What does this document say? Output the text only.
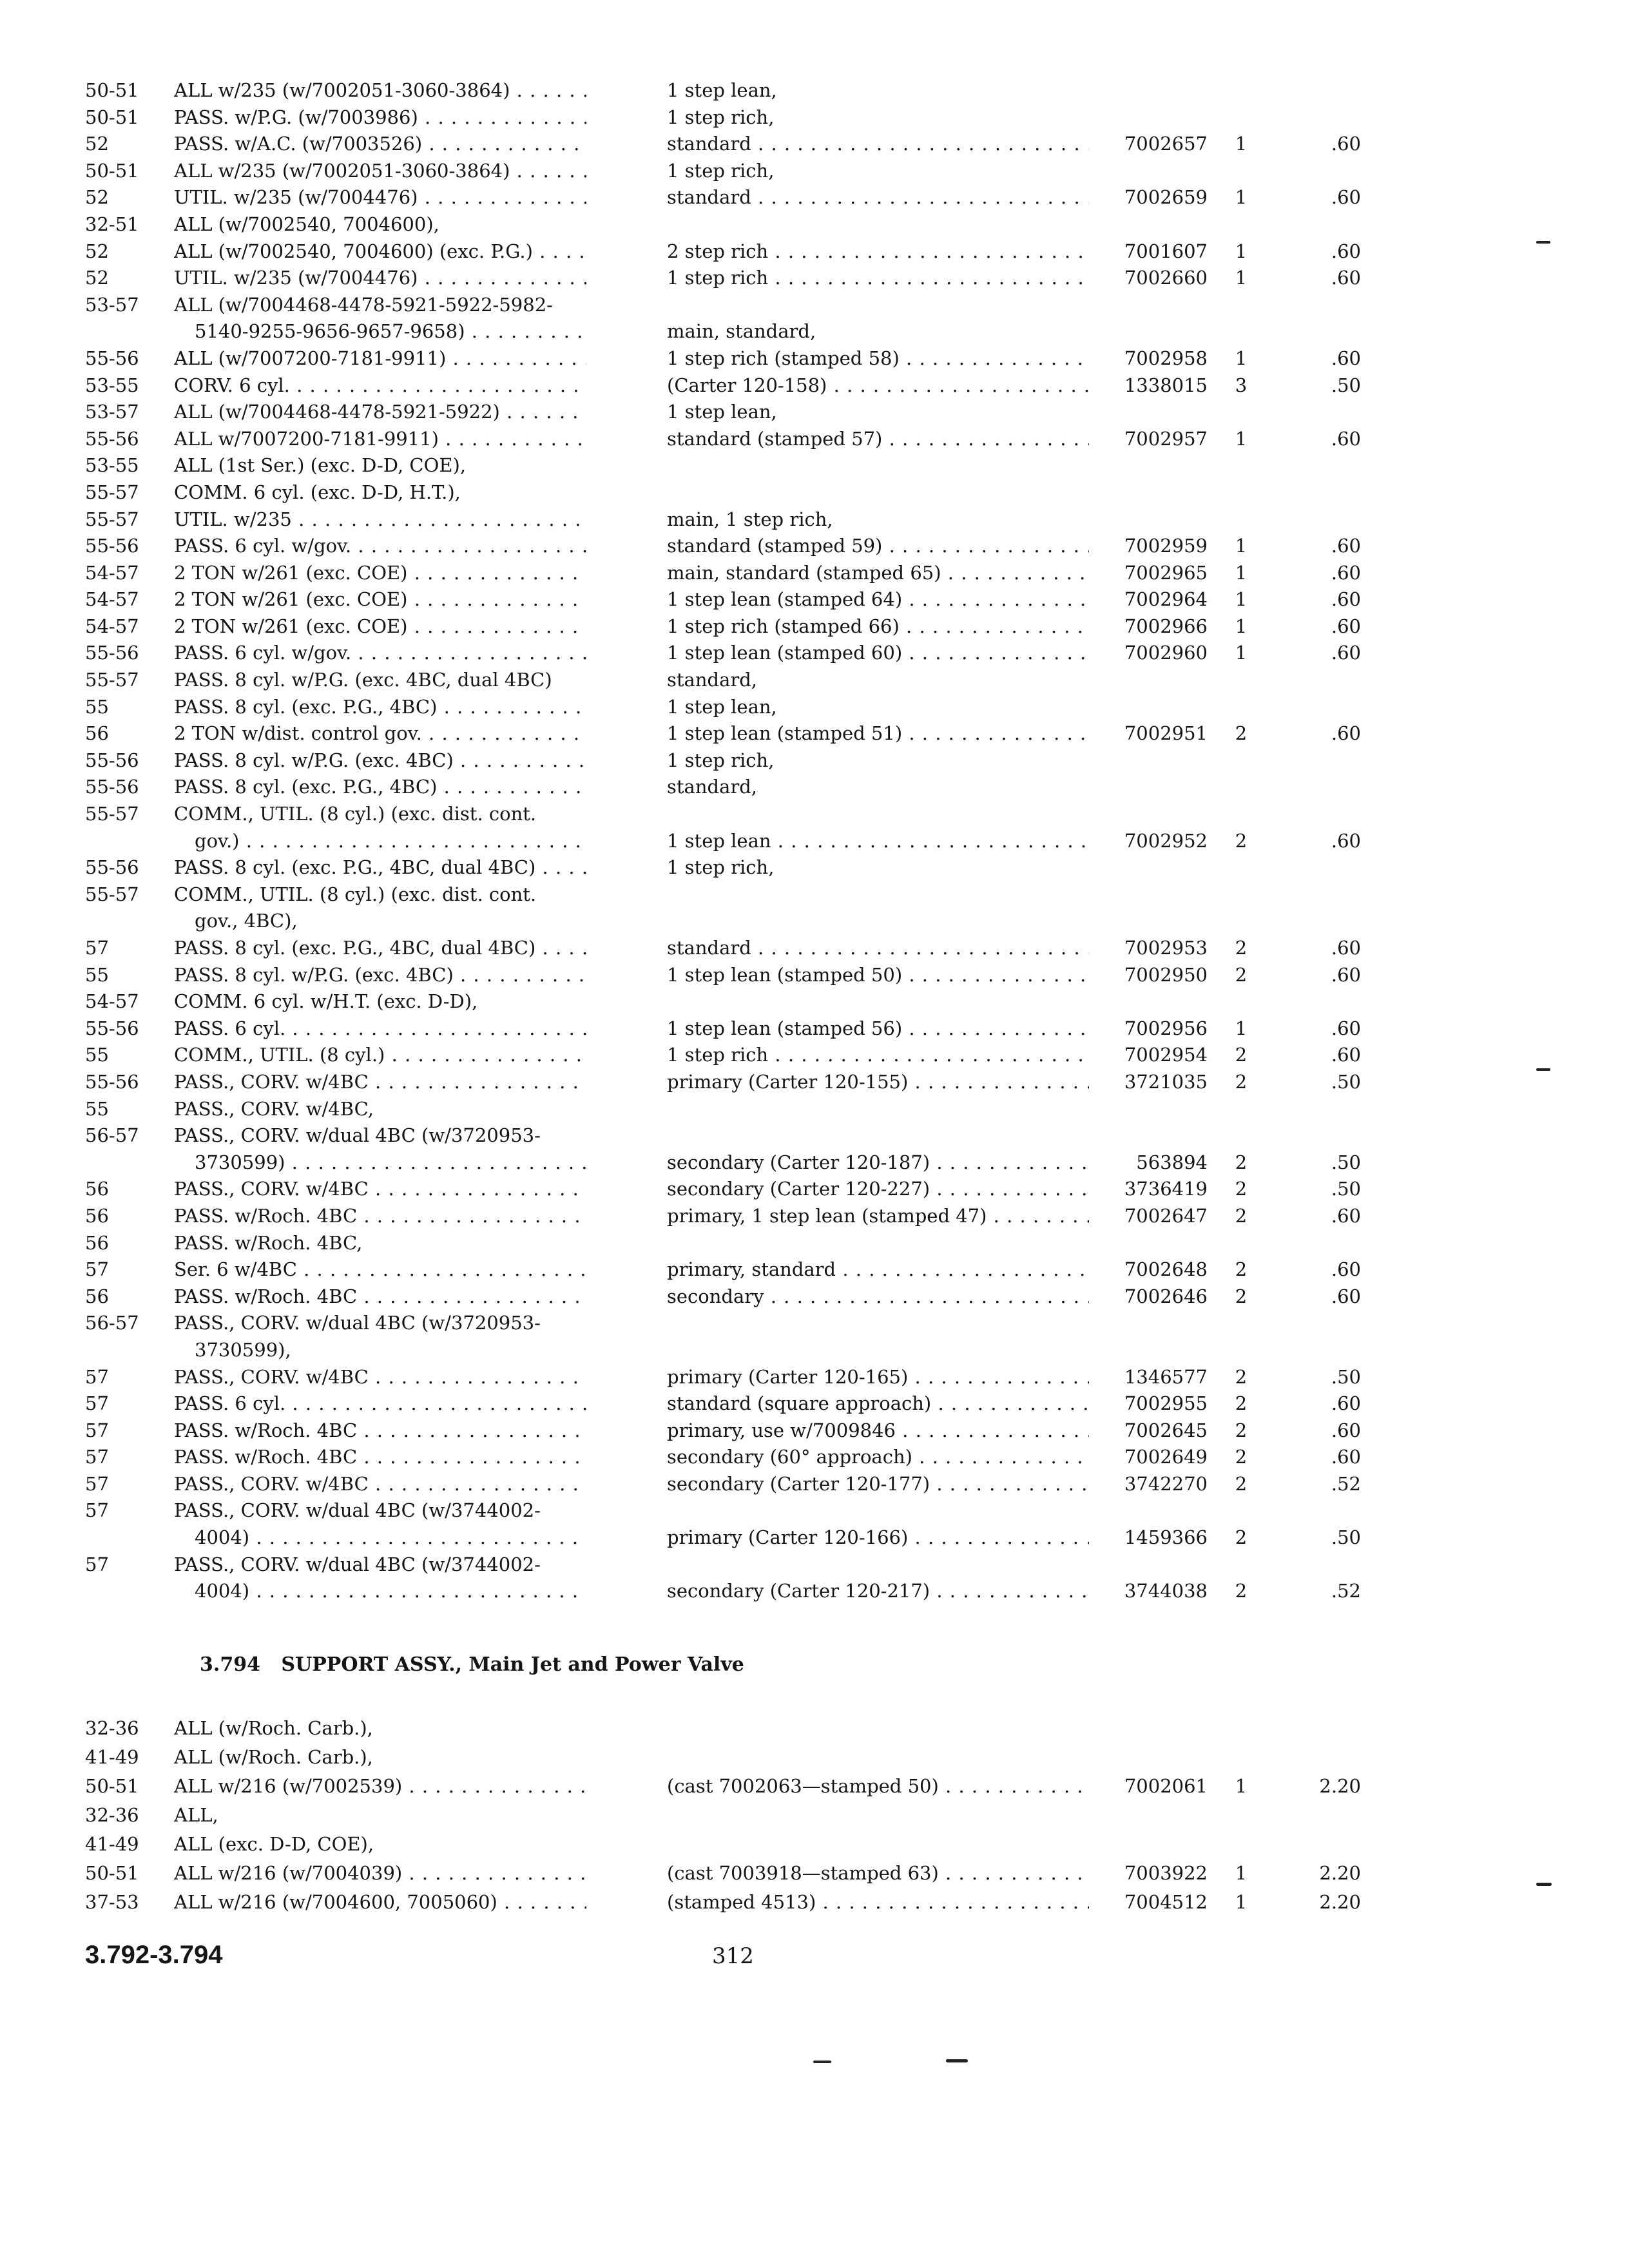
50-51 ALL w/235 (w/7002051-3060-3864) . . .	1 step lean,
50-51 PASS. w/P.G. (w/7003986) . . .	1 step rich,
52	PASS. w/A.C. (w/7003526) . . .	standard . . .	7002657	1	.60
50-51 ALL w/235 (w/7002051-3060-3864) . . .	1 step rich,
52	UTIL. w/235 (w/7004476) . . .	standard . . .	7002659	1	.60
32-51 ALL (w/7002540, 7004600),
52	ALL (w/7002540, 7004600) (exc. P.G.) . . .	2 step rich . . .	7001607	1	.60
52	UTIL. w/235 (w/7004476) . . .	1 step rich . . .	7002660	1	.60
53-57 ALL (w/7004468-4478-5921-5922-5982-
5140-9255-9656-9657-9658) . . .	main, standard,
55-56 ALL (w/7007200-7181-9911) . . .	1 step rich (stamped 58) . . .	7002958	1	.60
53-55 CORV. 6 cyl. . . .	(Carter 120-158) . . .	1338015	3	.50
53-57 ALL (w/7004468-4478-5921-5922) . . .	1 step lean,
55-56 ALL w/7007200-7181-9911) . . .	standard (stamped 57) . . .	7002957	1	.60
53-55 ALL (1st Ser.) (exc. D-D, COE),
55-57 COMM. 6 cyl. (exc. D-D, H.T.),
55-57 UTIL. w/235 . . .	main, 1 step rich,
55-56 PASS. 6 cyl. w/gov. . . .	standard (stamped 59) . . .	7002959	1	.60
54-57 2 TON w/261 (exc. COE) . . .	main, standard (stamped 65) . . .	7002965	1	.60
54-57 2 TON w/261 (exc. COE) . . .	1 step lean (stamped 64) . . .	7002964	1	.60
54-57 2 TON w/261 (exc. COE) . . .	1 step rich (stamped 66) . . .	7002966	1	.60
55-56 PASS. 6 cyl. w/gov. . . .	1 step lean (stamped 60) . . .	7002960	1	.60
55-57 PASS. 8 cyl. w/P.G. (exc. 4BC, dual 4BC)	standard,
55	PASS. 8 cyl. (exc. P.G., 4BC) . . .	1 step lean,
56	2 TON w/dist. control gov. . . .	1 step lean (stamped 51) . . .	7002951	2	.60
55-56 PASS. 8 cyl. w/P.G. (exc. 4BC) . . .	1 step rich,
55-56 PASS. 8 cyl. (exc. P.G., 4BC) . . .	standard,
55-57 COMM., UTIL. (8 cyl.) (exc. dist. cont.
gov.) . . .	1 step lean . . .	7002952	2	.60
55-56 PASS. 8 cyl. (exc. P.G., 4BC, dual 4BC) . . .	1 step rich,
55-57 COMM., UTIL. (8 cyl.) (exc. dist. cont.
gov., 4BC),
57	PASS. 8 cyl. (exc. P.G., 4BC, dual 4BC) . . .	standard . . .	7002953	2	.60
55	PASS. 8 cyl. w/P.G. (exc. 4BC) . . .	1 step lean (stamped 50) . . .	7002950	2	.60
54-57 COMM. 6 cyl. w/H.T. (exc. D-D),
55-56 PASS. 6 cyl. . . .	1 step lean (stamped 56) . . .	7002956	1	.60
55	COMM., UTIL. (8 cyl.) . . .	1 step rich . . .	7002954	2	.60
55-56 PASS., CORV. w/4BC . . .	primary (Carter 120-155) . . .	3721035	2	.50
55	PASS., CORV. w/4BC,
56-57 PASS., CORV. w/dual 4BC (w/3720953-
3730599) . . .	secondary (Carter 120-187) . . .	563894	2	.50
56	PASS., CORV. w/4BC . . .	secondary (Carter 120-227) . . .	3736419	2	.50
56	PASS. w/Roch. 4BC . . .	primary, 1 step lean (stamped 47) . . .	7002647	2	.60
56	PASS. w/Roch. 4BC,
57	Ser. 6 w/4BC . . .	primary, standard . . .	7002648	2	.60
56	PASS. w/Roch. 4BC . . .	secondary . . .	7002646	2	.60
56-57 PASS., CORV. w/dual 4BC (w/3720953-
3730599),
57	PASS., CORV. w/4BC . . .	primary (Carter 120-165) . . .	1346577	2	.50
57	PASS. 6 cyl. . . .	standard (square approach) . . .	7002955	2	.60
57	PASS. w/Roch. 4BC . . .	primary, use w/7009846 . . .	7002645	2	.60
57	PASS. w/Roch. 4BC . . .	secondary (60° approach) . . .	7002649	2	.60
57	PASS., CORV. w/4BC . . .	secondary (Carter 120-177) . . .	3742270	2	.52
57	PASS., CORV. w/dual 4BC (w/3744002-
4004) . . .	primary (Carter 120-166) . . .	1459366	2	.50
57	PASS., CORV. w/dual 4BC (w/3744002-
4004) . . .	secondary (Carter 120-217) . . .	3744038	2	.52
3.794 SUPPORT ASSY., Main Jet and Power Valve
32-36 ALL (w/Roch. Carb.),
41-49 ALL (w/Roch. Carb.),
50-51 ALL w/216 (w/7002539) . . .	(cast 7002063—stamped 50) . . .	7002061	1	2.20
32-36 ALL,
41-49 ALL (exc. D-D, COE),
50-51 ALL w/216 (w/7004039) . . .	(cast 7003918—stamped 63) . . .	7003922	1	2.20
37-53 ALL w/216 (w/7004600, 7005060) . . .	(stamped 4513) . . .	7004512	1	2.20
3.792-3.794	312
